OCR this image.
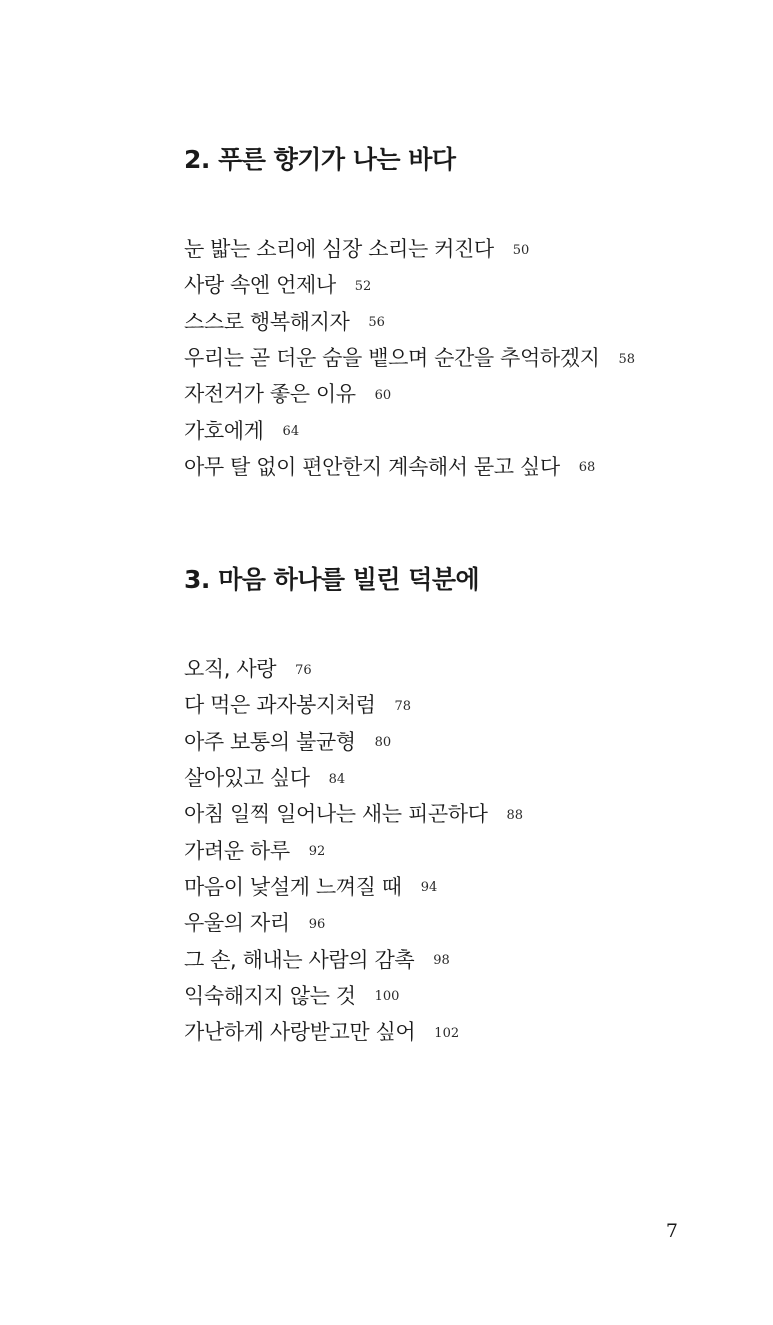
2. 푸른 향기가 나는 바다
눈 밟는 소리에 심장 소리는 커진다 50
사랑 속엔 언제나 52
스스로 행복해지자 56
우리는 곧 더운 숨을 뱉으며 순간을 추억하겠지 58
자전거가 좋은 이유 60
가호에게 64
아무 탈 없이 편안한지 계속해서 묻고 싶다 68
3. 마음 하나를 빌린 덕분에
오직, 사랑 76
다 먹은 과자봉지처럼 78
아주 보통의 불균형 80
살아있고 싶다 84
아침 일찍 일어나는 새는 피곤하다 88
가려운 하루 92
마음이 낯설게 느껴질 때 94
우울의 자리 96
그 손, 해내는 사람의 감촉 98
익숙해지지 않는 것 100
가난하게 사랑받고만 싶어 102
7
